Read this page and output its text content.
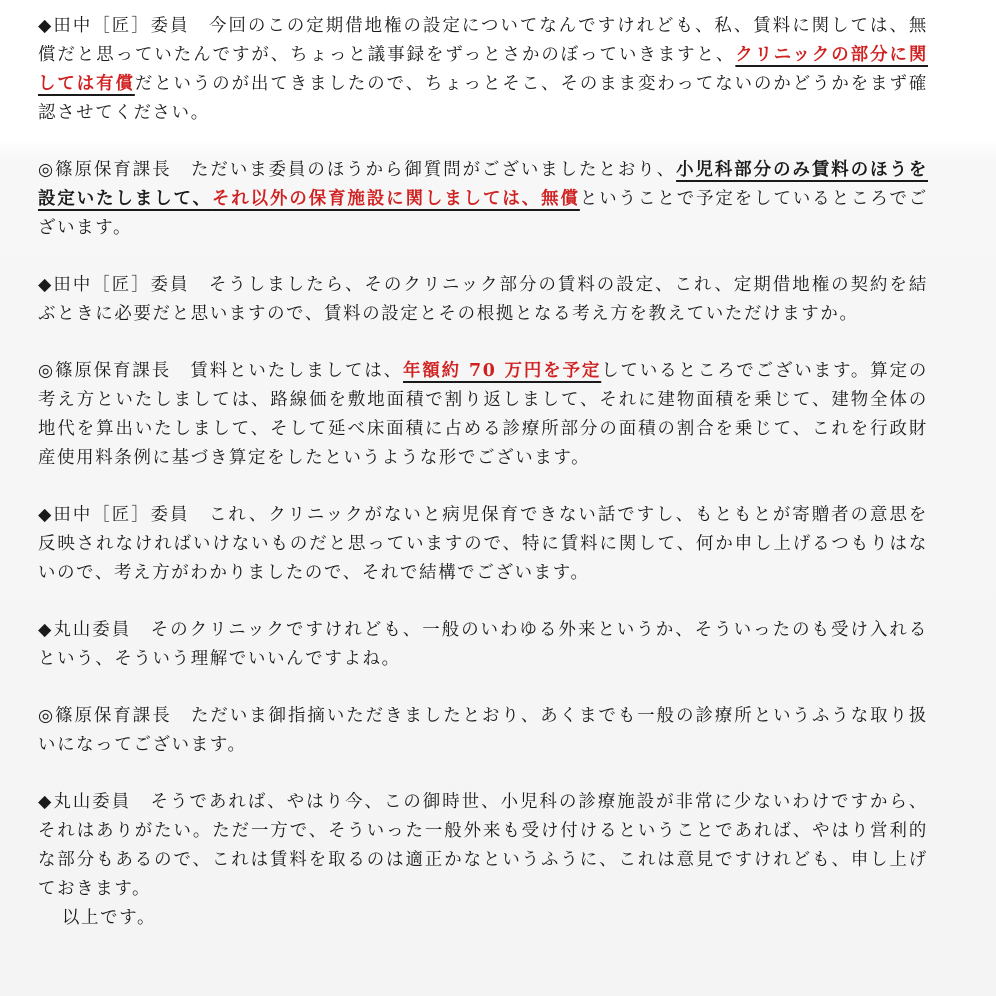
◆田中［匠］委員　 今回のこの定期借地権の設定についてなんですけれども、私、賃料に関しては、無償だと思っていたんですが、ちょっと議事録をずっとさかのぼっていきますと、クリニックの部分に関しては有償だというのが出てきましたので、ちょっとそこ、そのまま変わってないのかどうかをまず確認させてください。

◎篠原保育課長　 ただいま委員のほうから御質問がございましたとおり、小児科部分のみ賃料のほうを設定いたしまして、それ以外の保育施設に関しましては、無償ということで予定をしているところでございます。

◆田中［匠］委員　 そうしましたら、そのクリニック部分の賃料の設定、これ、定期借地権の契約を結ぶときに必要だと思いますので、賃料の設定とその根拠となる考え方を教えていただけますか。

◎篠原保育課長　 賃料といたしましては、年額約 70 万円を予定しているところでございます。算定の考え方といたしましては、路線価を敷地面積で割り返しまして、それに建物面積を乗じて、建物全体の地代を算出いたしまして、そして延べ床面積に占める診療所部分の面積の割合を乗じて、これを行政財産使用料条例に基づき算定をしたというような形でございます。

◆田中［匠］委員　 これ、クリニックがないと病児保育できない話ですし、もともとが寄贈者の意思を反映されなければいけないものだと思っていますので、特に賃料に関して、何か申し上げるつもりはないので、考え方がわかりましたので、それで結構でございます。

◆丸山委員　 そのクリニックですけれども、一般のいわゆる外来というか、そういったのも受け入れるという、そういう理解でいいんですよね。

◎篠原保育課長　 ただいま御指摘いただきましたとおり、あくまでも一般の診療所というふうな取り扱いになってございます。

◆丸山委員　 そうであれば、やはり今、この御時世、小児科の診療施設が非常に少ないわけですから、それはありがたい。ただ一方で、そういった一般外来も受け付けるということであれば、やはり営利的な部分もあるので、これは賃料を取るのは適正かなというふうに、これは意見ですけれども、申し上げておきます。

以上です。
